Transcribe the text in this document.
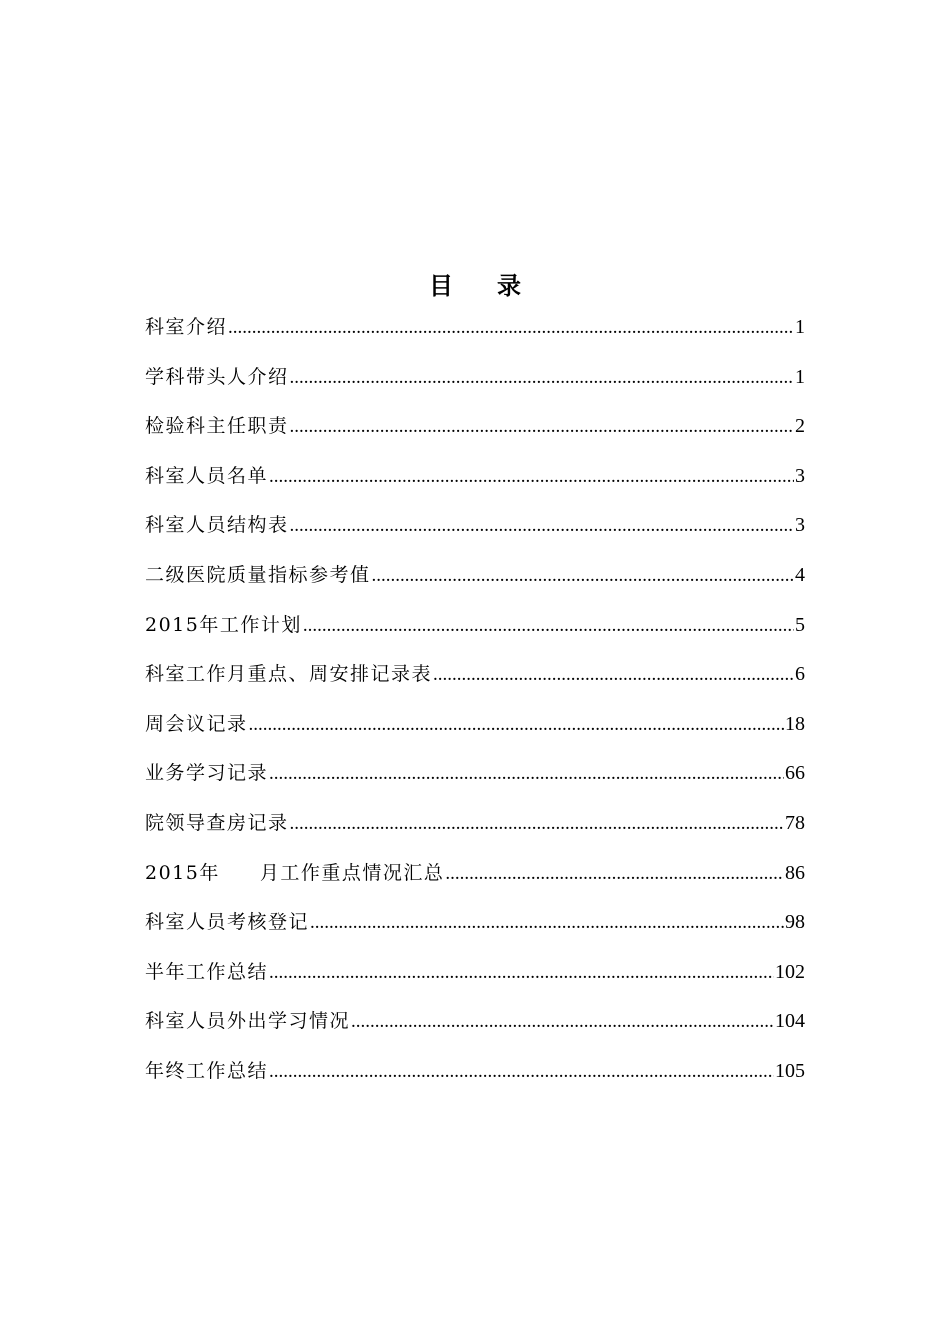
目 录
科室介绍 .....	1
学科带头人介绍 .....	1
检验科主任职责 .....	2
科室人员名单 .....	3
科室人员结构表 .....	3
二级医院质量指标参考值 .....	4
2015年工作计划 .....	5
科室工作月重点、周安排记录表 .....	6
周会议记录 .....	18
业务学习记录 .....	66
院领导查房记录 .....	78
2015年 月工作重点情况汇总 .....	86
科室人员考核登记 .....	98
半年工作总结 .....	102
科室人员外出学习情况 .....	104
年终工作总结 .....	105
